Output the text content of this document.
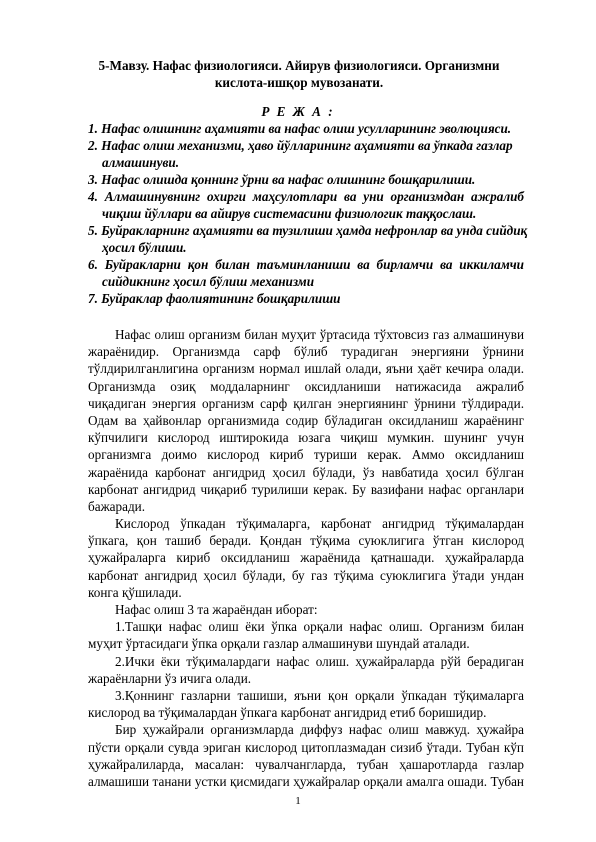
5-Мавзу. Нафас физиологияси. Айирув физиологияси. Организмни
кислота-ишқор мувозанати.
Р Е Ж А :
1. Нафас олишнинг аҳамияти ва нафас олиш усулларининг эволюцияси.
2. Нафас олиш механизми, ҳаво йўлларининг аҳамияти ва ўпкада газлар
алмашинуви.
3. Нафас олишда қоннинг ўрни ва нафас олишнинг бошқарилиши.
4. Алмашинувнинг охирги маҳсулотлари ва уни организмдан ажралиб
чиқиш йўллари ва айирув системасини физиологик таққослаш.
5. Буйракларнинг аҳамияти ва тузилиши ҳамда нефронлар ва унда сийдиқ
ҳосил бўлиши.
6. Буйракларни қон билан таъминланиши ва бирламчи ва иккиламчи
сийдикнинг ҳосил бўлиш механизми
7. Буйраклар фаолиятининг бошқарилиши
Нафас олиш организм билан муҳит ўртасида тўхтовсиз газ алмашинуви
жараёнидир. Организмда сарф бўлиб турадиган энергияни ўрнини
тўлдирилганлигина организм нормал ишлай олади, яъни ҳаёт кечира олади.
Организмда озиқ моддаларнинг оксидланиши натижасида ажралиб
чиқадиган энергия организм сарф қилган энергиянинг ўрнини тўлдиради.
Одам ва ҳайвонлар организмида содир бўладиган оксидланиш жараёнинг
кўпчилиги кислород иштирокида юзага чиқиш мумкин. шунинг учун
организмга доимо кислород кириб туриши керак. Аммо оксидланиш
жараёнида карбонат ангидрид ҳосил бўлади, ўз навбатида ҳосил бўлган
карбонат ангидрид чиқариб турилиши керак. Бу вазифани нафас органлари
бажаради.
Кислород ўпкадан тўқималарга, карбонат ангидрид тўқималардан
ўпкага, қон ташиб беради. Қондан тўқима суюклигига ўтган кислород
ҳужайраларга кириб оксидланиш жараёнида қатнашади. ҳужайраларда
карбонат ангидрид ҳосил бўлади, бу газ тўқима суюклигига ўтади ундан
конга қўшилади.
Нафас олиш 3 та жараёндан иборат:
1.Ташқи нафас олиш ёки ўпка орқали нафас олиш. Организм билан
муҳит ўртасидаги ўпка орқали газлар алмашинуви шундай аталади.
2.Ички ёки тўқималардаги нафас олиш. ҳужайраларда рўй берадиган
жараёнларни ўз ичига олади.
3.Қоннинг газларни ташиши, яъни қон орқали ўпкадан тўқималарга
кислород ва тўқималардан ўпкага карбонат ангидрид етиб боришидир.
Бир ҳужайрали организмларда диффуз нафас олиш мавжуд. ҳужайра
пўсти орқали сувда эриган кислород цитоплазмадан сизиб ўтади. Тубан кўп
ҳужайралиларда, масалан: чувалчангларда, тубан ҳашаротларда газлар
алмашиши танани устки қисмидаги ҳужайралар орқали амалга ошади. Тубан
1
